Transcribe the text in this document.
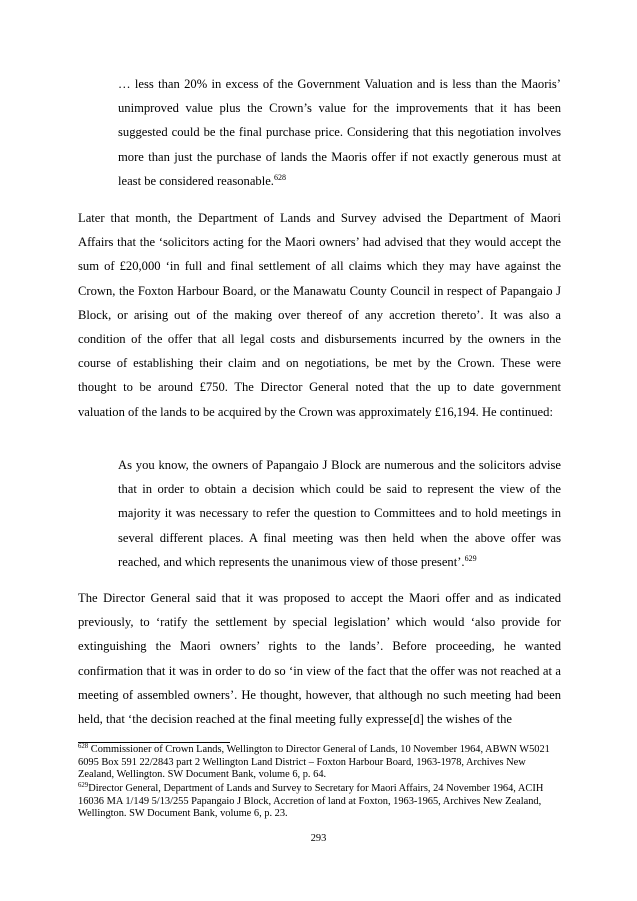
… less than 20% in excess of the Government Valuation and is less than the Maoris’ unimproved value plus the Crown’s value for the improvements that it has been suggested could be the final purchase price. Considering that this negotiation involves more than just the purchase of lands the Maoris offer if not exactly generous must at least be considered reasonable.$^{628}$
Later that month, the Department of Lands and Survey advised the Department of Maori Affairs that the ‘solicitors acting for the Maori owners’ had advised that they would accept the sum of £20,000 ‘in full and final settlement of all claims which they may have against the Crown, the Foxton Harbour Board, or the Manawatu County Council in respect of Papangaio J Block, or arising out of the making over thereof of any accretion thereto’. It was also a condition of the offer that all legal costs and disbursements incurred by the owners in the course of establishing their claim and on negotiations, be met by the Crown. These were thought to be around £750. The Director General noted that the up to date government valuation of the lands to be acquired by the Crown was approximately £16,194. He continued:
As you know, the owners of Papangaio J Block are numerous and the solicitors advise that in order to obtain a decision which could be said to represent the view of the majority it was necessary to refer the question to Committees and to hold meetings in several different places. A final meeting was then held when the above offer was reached, and which represents the unanimous view of those present’.$^{629}$
The Director General said that it was proposed to accept the Maori offer and as indicated previously, to ‘ratify the settlement by special legislation’ which would ‘also provide for extinguishing the Maori owners’ rights to the lands’. Before proceeding, he wanted confirmation that it was in order to do so ‘in view of the fact that the offer was not reached at a meeting of assembled owners’. He thought, however, that although no such meeting had been held, that ‘the decision reached at the final meeting fully expresse[d] the wishes of the
$^{628}$ Commissioner of Crown Lands, Wellington to Director General of Lands, 10 November 1964, ABWN W5021 6095 Box 591 22/2843 part 2 Wellington Land District – Foxton Harbour Board, 1963-1978, Archives New Zealand, Wellington. SW Document Bank, volume 6, p. 64.
$^{629}$Director General, Department of Lands and Survey to Secretary for Maori Affairs, 24 November 1964, ACIH 16036 MA 1/149 5/13/255 Papangaio J Block, Accretion of land at Foxton, 1963-1965, Archives New Zealand, Wellington. SW Document Bank, volume 6, p. 23.
293
